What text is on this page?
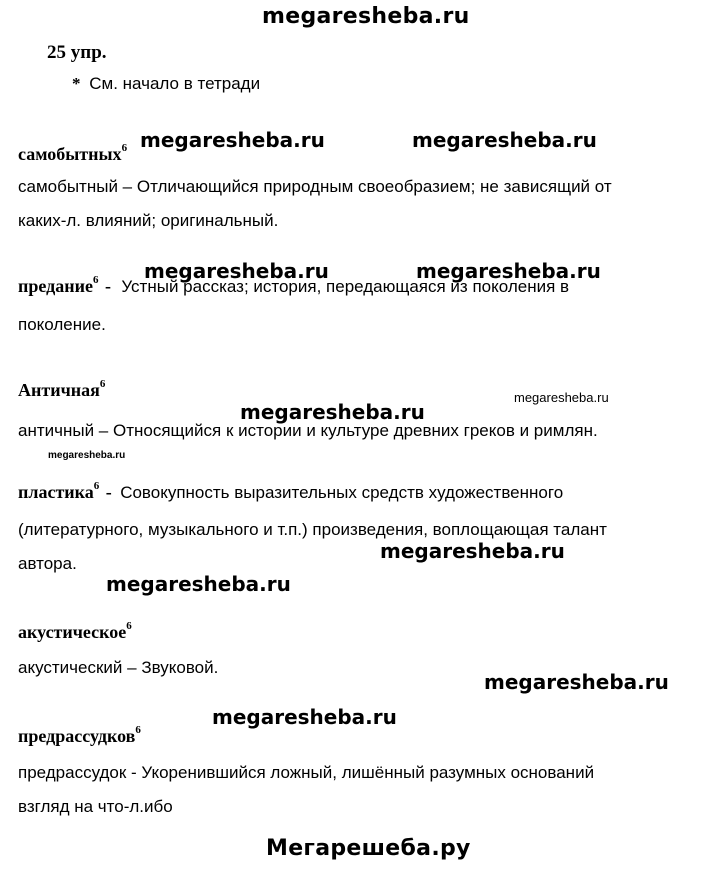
megaresheba.ru
25 упр.
* См. начало в тетради
megaresheba.ru	megaresheba.ru
самобытных$^6$
самобытный – Отличающийся природным своеобразием; не зависящий от
каких-л. влияний; оригинальный.
megaresheba.ru	megaresheba.ru
предание$^6$ - Устный рассказ; история, передающаяся из поколения в
поколение.
Античная$^6$
megaresheba.ru
megaresheba.ru
античный – Относящийся к истории и культуре древних греков и римлян.
megaresheba.ru
пластика$^6$ - Совокупность выразительных средств художественного
(литературного, музыкального и т.п.) произведения, воплощающая талант
автора.
megaresheba.ru
megaresheba.ru
акустическое$^6$
акустический – Звуковой.
megaresheba.ru
megaresheba.ru
предрассудков$^6$
предрассудок - Укоренившийся ложный, лишённый разумных оснований
взгляд на что-л.ибо
Мегарешеба.ру
